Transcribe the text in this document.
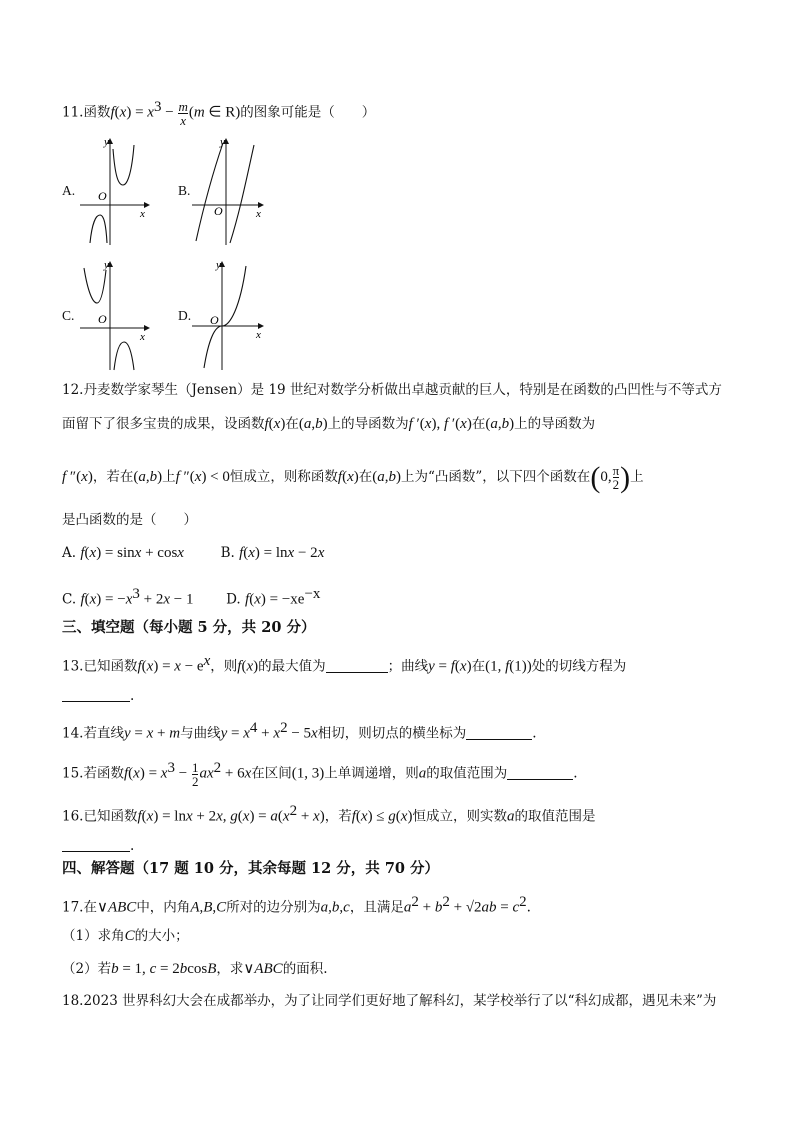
11.函数$f(x) = x^3 - \frac{m}{x} (m$ ∈ R)的图象可能是（　　）
A.
y
x
O	B.
y
x
O
C.
y
x
O	D.
y
x
O
12.丹麦数学家琴生（Jensen）是 19 世纪对数学分析做出卓越贡献的巨人，特别是在函数的凸凹性与不等式方
面留下了很多宝贵的成果，设函数f(x)在(a,b)上的导函数为f ′(x), f ′(x)在(a,b)上的导函数为
f ″(x)，若在(a,b)上f ″(x) < 0恒成立，则称函数f(x)在(a,b)上为“凸函数”，以下四个函数在(0, $\frac{\pi}{2}$ )上
是凸函数的是（　　）
A. f(x) = sinx + cosx	B. f(x) = lnx − 2x
C. $f(x) = -x^3 + 2x - 1$ D. $f(x) = -xe^{-x}$
三、填空题（每小题 5 分，共 20 分）
13.已知函数$f(x) = x - e^x$，则f(x)的最大值为	；曲线y = f(x)在(1, f(1))处的切线方程为
.
14.若直线y = x + m与曲线$y = x^4 + x^2 - 5x$相切，则切点的横坐标为	.
15.若函数$f(x) = x^3 - \frac{1}{2} ax^2 + 6x$在区间(1, 3)上单调递增，则a的取值范围为	.
16.已知函数f(x) = lnx + 2x, $g(x) = a(x^2 + x)$，若f(x) ≤ g(x)恒成立，则实数a的取值范围是
.
四、解答题（17 题 10 分，其余每题 12 分，共 70 分）
17.在∨ABC中，内角A,B,C所对的边分别为a,b,c，且满足$a^2 + b^2 + √2ab = c^2$.
（1）求角C的大小；
（2）若b = 1, c = 2bcosB，求∨ABC的面积.
18.2023 世界科幻大会在成都举办，为了让同学们更好地了解科幻，某学校举行了以“科幻成都，遇见未来”为
